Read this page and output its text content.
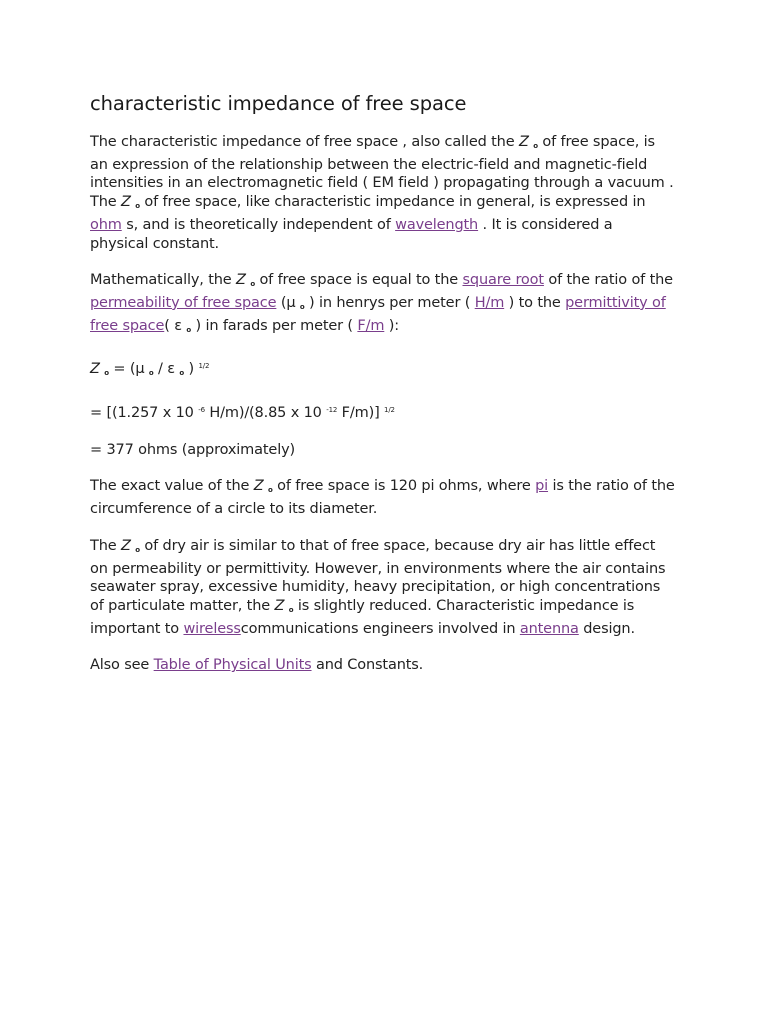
characteristic impedance of free space

The characteristic impedance of free space , also called the Z $_o$ of free space, is an expression of the relationship between the electric-field and magnetic-field intensities in an electromagnetic field ( EM field ) propagating through a vacuum . The Z $_o$ of free space, like characteristic impedance in general, is expressed in ohm s, and is theoretically independent of wavelength . It is considered a physical constant.

Mathematically, the Z $_o$ of free space is equal to the square root of the ratio of the permeability of free space (μ $_o$ ) in henrys per meter ( H/m ) to the permittivity of free space( ε $_o$ ) in farads per meter ( F/m ):

Z $_o$ = (μ $_o$ / ε $_o$ ) $^{1/2}$

= [(1.257 x 10 $^{-6}$ H/m)/(8.85 x 10 $^{-12}$ F/m)] $^{1/2}$

= 377 ohms (approximately)

The exact value of the Z $_o$ of free space is 120 pi ohms, where pi is the ratio of the circumference of a circle to its diameter.

The Z $_o$ of dry air is similar to that of free space, because dry air has little effect on permeability or permittivity. However, in environments where the air contains seawater spray, excessive humidity, heavy precipitation, or high concentrations of particulate matter, the Z $_o$ is slightly reduced. Characteristic impedance is important to wirelesscommunications engineers involved in antenna design.

Also see Table of Physical Units and Constants.
